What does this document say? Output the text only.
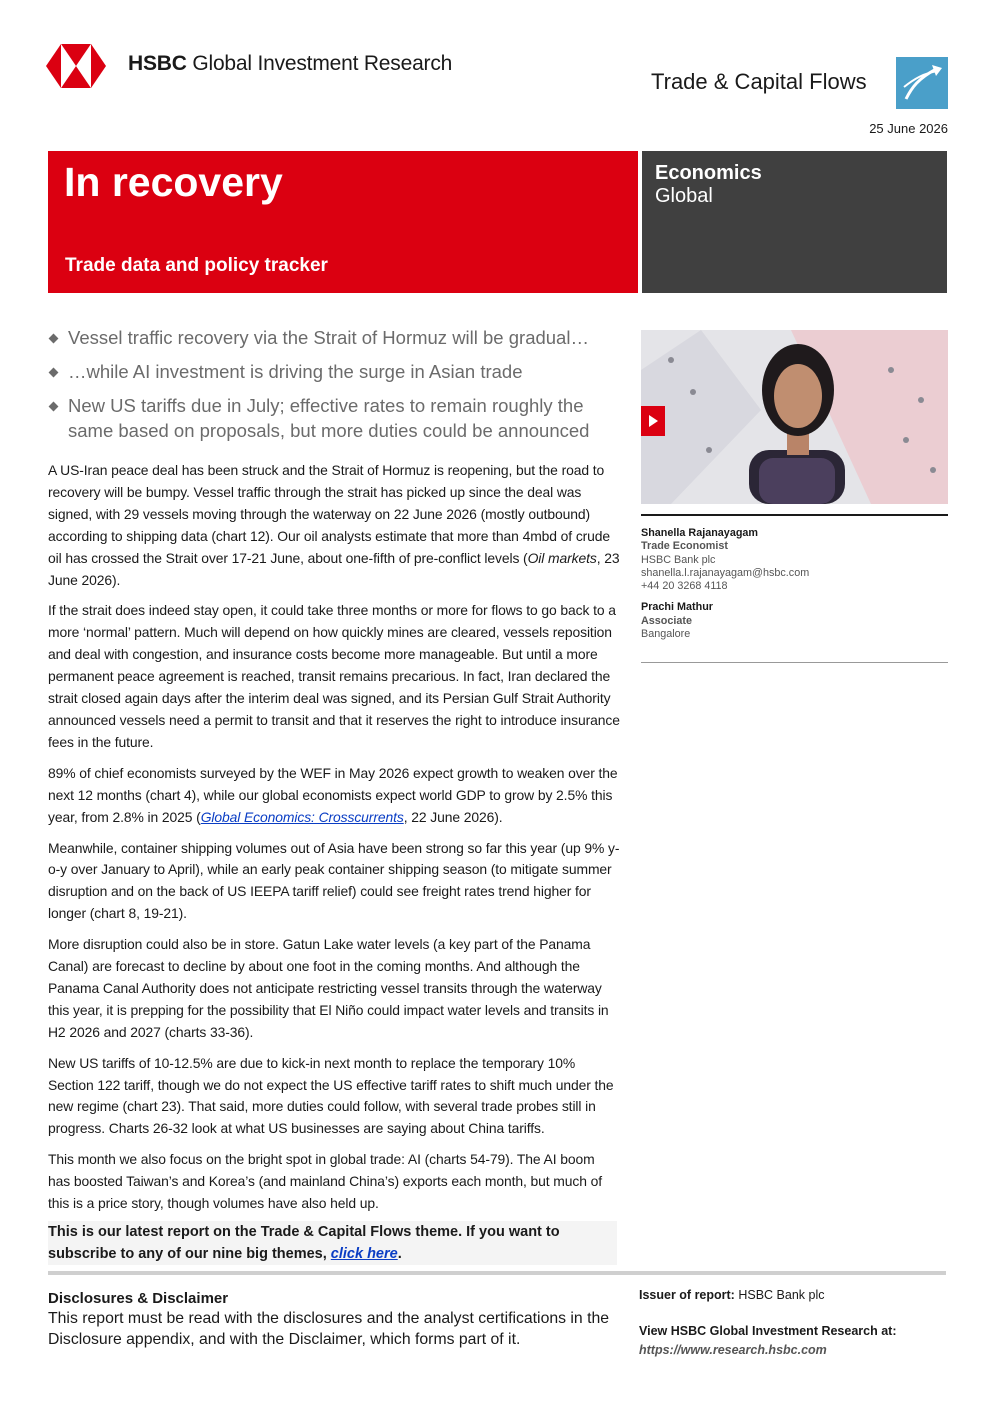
HSBC Global Investment Research
Trade & Capital Flows
25 June 2026
In recovery
Trade data and policy tracker
Economics
Global
Vessel traffic recovery via the Strait of Hormuz will be gradual…
…while AI investment is driving the surge in Asian trade
New US tariffs due in July; effective rates to remain roughly the same based on proposals, but more duties could be announced

A US-Iran peace deal has been struck and the Strait of Hormuz is reopening, but the road to recovery will be bumpy. Vessel traffic through the strait has picked up since the deal was signed, with 29 vessels moving through the waterway on 22 June 2026 (mostly outbound) according to shipping data (chart 12). Our oil analysts estimate that more than 4mbd of crude oil has crossed the Strait over 17-21 June, about one-fifth of pre-conflict levels (Oil markets, 23 June 2026).

If the strait does indeed stay open, it could take three months or more for flows to go back to a more ‘normal’ pattern. Much will depend on how quickly mines are cleared, vessels reposition and deal with congestion, and insurance costs become more manageable. But until a more permanent peace agreement is reached, transit remains precarious. In fact, Iran declared the strait closed again days after the interim deal was signed, and its Persian Gulf Strait Authority announced vessels need a permit to transit and that it reserves the right to introduce insurance fees in the future.

89% of chief economists surveyed by the WEF in May 2026 expect growth to weaken over the next 12 months (chart 4), while our global economists expect world GDP to grow by 2.5% this year, from 2.8% in 2025 (Global Economics: Crosscurrents, 22 June 2026).

Meanwhile, container shipping volumes out of Asia have been strong so far this year (up 9% y-o-y over January to April), while an early peak container shipping season (to mitigate summer disruption and on the back of US IEEPA tariff relief) could see freight rates trend higher for longer (chart 8, 19-21).

More disruption could also be in store. Gatun Lake water levels (a key part of the Panama Canal) are forecast to decline by about one foot in the coming months. And although the Panama Canal Authority does not anticipate restricting vessel transits through the waterway this year, it is prepping for the possibility that El Niño could impact water levels and transits in H2 2026 and 2027 (charts 33-36).

New US tariffs of 10-12.5% are due to kick-in next month to replace the temporary 10% Section 122 tariff, though we do not expect the US effective tariff rates to shift much under the new regime (chart 23). That said, more duties could follow, with several trade probes still in progress. Charts 26-32 look at what US businesses are saying about China tariffs.

This month we also focus on the bright spot in global trade: AI (charts 54-79). The AI boom has boosted Taiwan’s and Korea’s (and mainland China’s) exports each month, but much of this is a price story, though volumes have also held up.

This is our latest report on the Trade & Capital Flows theme. If you want to subscribe to any of our nine big themes, click here.

Shanella Rajanayagam
Trade Economist
HSBC Bank plc
shanella.l.rajanayagam@hsbc.com
+44 20 3268 4118
Prachi Mathur
Associate
Bangalore
Disclosures & Disclaimer
This report must be read with the disclosures and the analyst certifications in the Disclosure appendix, and with the Disclaimer, which forms part of it.
Issuer of report: HSBC Bank plc
View HSBC Global Investment Research at:
https://www.research.hsbc.com
